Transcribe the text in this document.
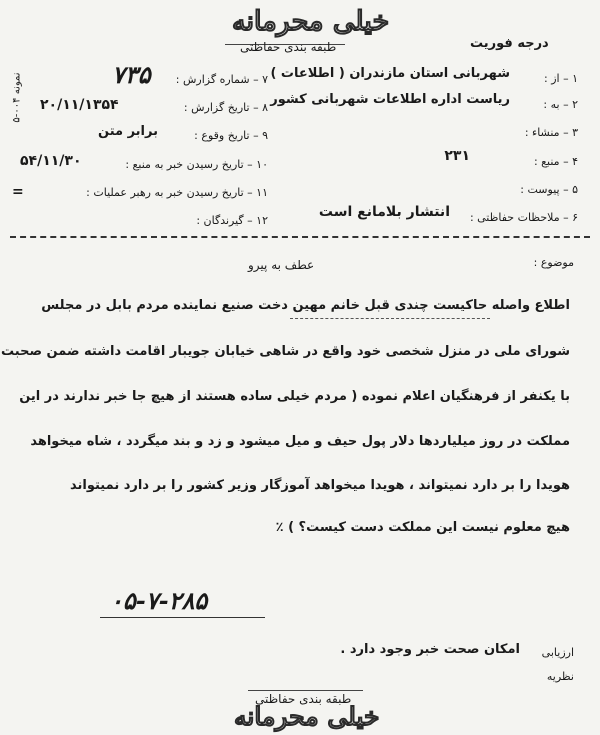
خیلی محرمانه
طبقه بندی حفاظتی	درجه فوریت
نمونه ۰۰۴-۵	۱ – از :
شهربانی استان مازندران ( اطلاعات )
۲ – به :
ریاست اداره اطلاعات شهربانی کشور
۳ – منشاء :
۴ – منبع :
۲۳۱
۵ – پیوست :
۶ – ملاحظات حفاظتی :
انتشار بلامانع است
۷ – شماره گزارش :
۷۳۵
۸ – تاریخ گزارش :
۲۰/۱۱/۱۳۵۴
۹ – تاریخ وقوع :
برابر متن
۱۰ – تاریخ رسیدن خبر به منبع :
۵۴/۱۱/۳۰
۱۱ – تاریخ رسیدن خبر به رهبر عملیات :
=
۱۲ – گیرندگان :
موضوع :
عطف به پیرو
اطلاع واصله حاکیست چندی قبل خانم مهین دخت صنیع نماینده مردم بابل در مجلس
شورای ملی در منزل شخصی خود واقع در شاهی خیابان جویبار اقامت داشته ضمن صحبت
با یکنفر از فرهنگیان اعلام نموده ( مردم خیلی ساده هستند از هیچ جا خبر ندارند در این
مملکت در روز میلیاردها دلار پول حیف و میل میشود و زد و بند میگردد ، شاه میخواهد
هویدا را بر دارد نمیتواند ، هویدا میخواهد آموزگار وزیر کشور را بر دارد نمیتواند
هیچ معلوم نیست این مملکت دست کیست؟ ) ٪
۰۵-۷-۲۸۵
ارزیابی
امکان صحت خبر وجود دارد .
نظریه
طبقه بندی حفاظتی
خیلی محرمانه
